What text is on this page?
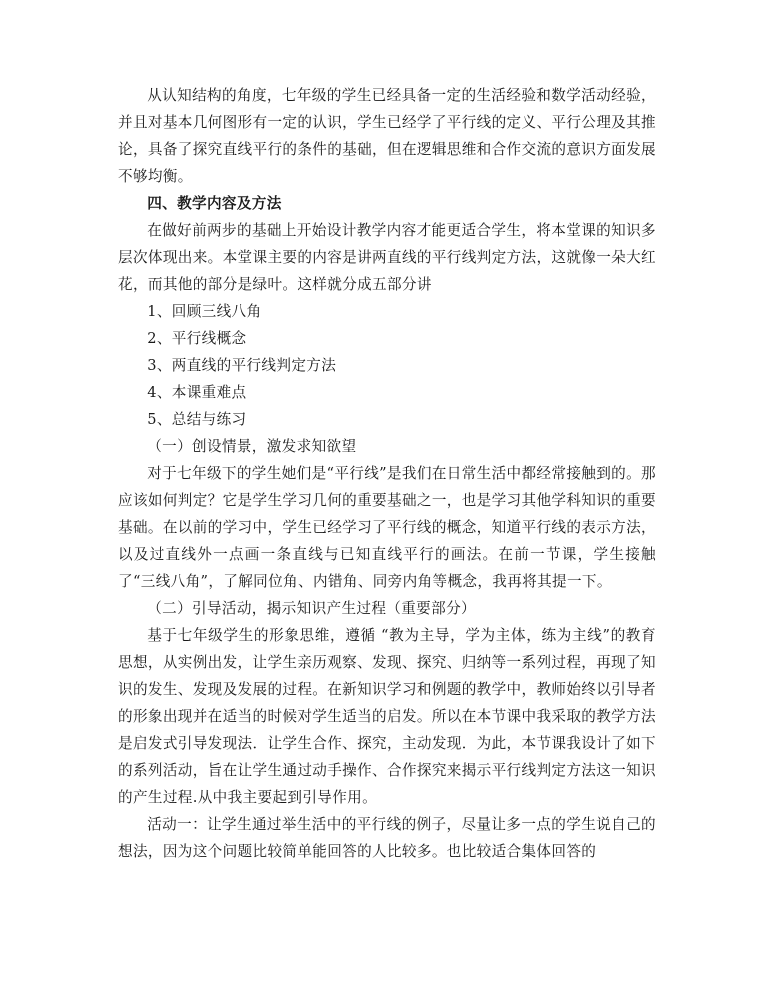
从认知结构的角度，七年级的学生已经具备一定的生活经验和数学活动经验，并且对基本几何图形有一定的认识，学生已经学了平行线的定义、平行公理及其推论，具备了探究直线平行的条件的基础，但在逻辑思维和合作交流的意识方面发展不够均衡。

四、教学内容及方法

在做好前两步的基础上开始设计教学内容才能更适合学生，将本堂课的知识多层次体现出来。本堂课主要的内容是讲两直线的平行线判定方法，这就像一朵大红花，而其他的部分是绿叶。这样就分成五部分讲

1、回顾三线八角

2、平行线概念

3、两直线的平行线判定方法

4、本课重难点

5、总结与练习

（一）创设情景，激发求知欲望

对于七年级下的学生她们是“平行线”是我们在日常生活中都经常接触到的。那应该如何判定？它是学生学习几何的重要基础之一，也是学习其他学科知识的重要基础。在以前的学习中，学生已经学习了平行线的概念，知道平行线的表示方法，以及过直线外一点画一条直线与已知直线平行的画法。在前一节课，学生接触了“三线八角”，了解同位角、内错角、同旁内角等概念，我再将其提一下。

（二）引导活动，揭示知识产生过程（重要部分）

基于七年级学生的形象思维，遵循 “教为主导，学为主体，练为主线”的教育思想，从实例出发，让学生亲历观察、发现、探究、归纳等一系列过程，再现了知识的发生、发现及发展的过程。在新知识学习和例题的教学中，教师始终以引导者的形象出现并在适当的时候对学生适当的启发。所以在本节课中我采取的教学方法是启发式引导发现法．让学生合作、探究，主动发现．为此，本节课我设计了如下的系列活动，旨在让学生通过动手操作、合作探究来揭示平行线判定方法这一知识的产生过程.从中我主要起到引导作用。

活动一：让学生通过举生活中的平行线的例子，尽量让多一点的学生说自己的想法，因为这个问题比较简单能回答的人比较多。也比较适合集体回答的
